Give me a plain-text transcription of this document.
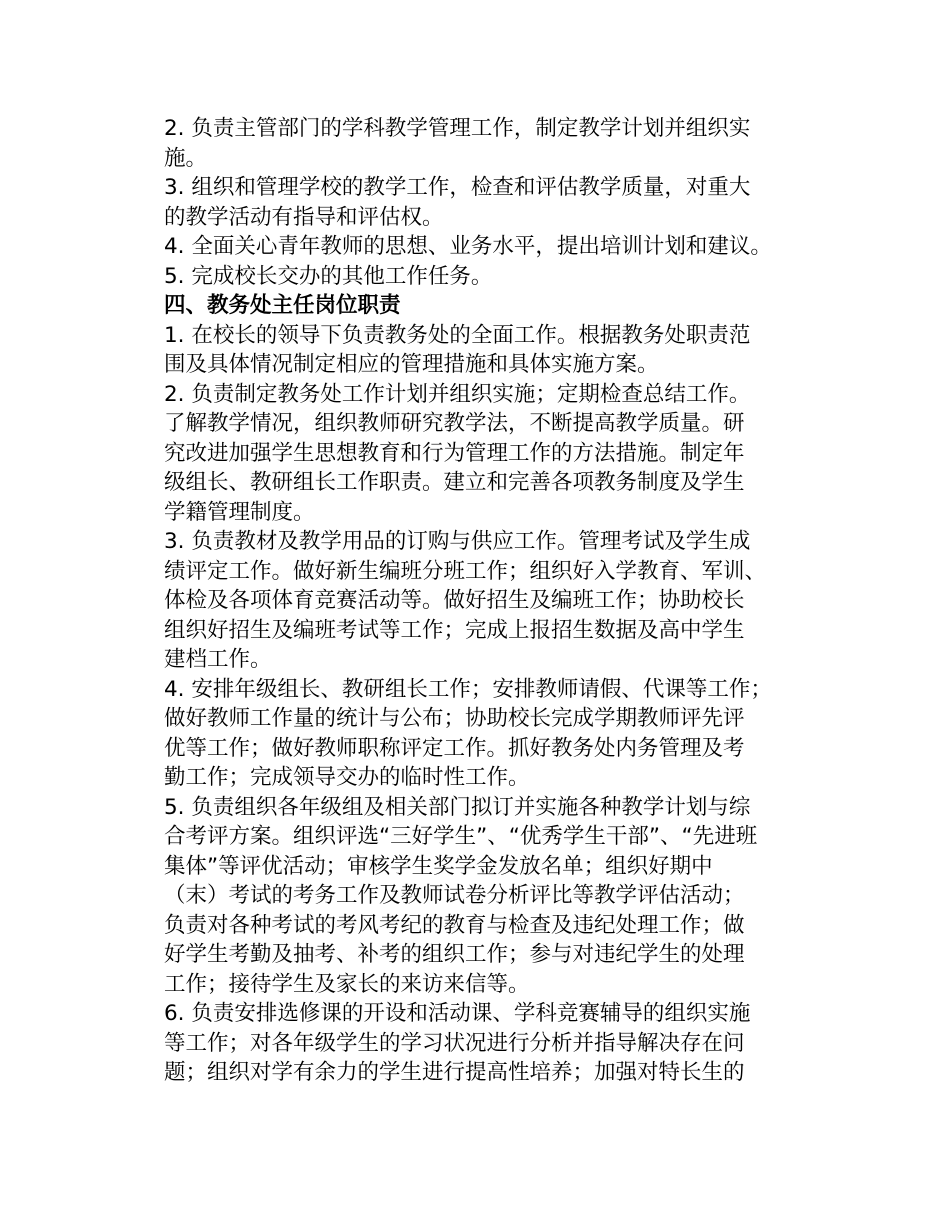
2. 负责主管部门的学科教学管理工作，制定教学计划并组织实
施。
3. 组织和管理学校的教学工作，检查和评估教学质量，对重大
的教学活动有指导和评估权。
4. 全面关心青年教师的思想、业务水平，提出培训计划和建议。
5. 完成校长交办的其他工作任务。
四、教务处主任岗位职责
1. 在校长的领导下负责教务处的全面工作。根据教务处职责范
围及具体情况制定相应的管理措施和具体实施方案。
2. 负责制定教务处工作计划并组织实施；定期检查总结工作。
了解教学情况，组织教师研究教学法，不断提高教学质量。研
究改进加强学生思想教育和行为管理工作的方法措施。制定年
级组长、教研组长工作职责。建立和完善各项教务制度及学生
学籍管理制度。
3. 负责教材及教学用品的订购与供应工作。管理考试及学生成
绩评定工作。做好新生编班分班工作；组织好入学教育、军训、
体检及各项体育竞赛活动等。做好招生及编班工作；协助校长
组织好招生及编班考试等工作；完成上报招生数据及高中学生
建档工作。
4. 安排年级组长、教研组长工作；安排教师请假、代课等工作；
做好教师工作量的统计与公布；协助校长完成学期教师评先评
优等工作；做好教师职称评定工作。抓好教务处内务管理及考
勤工作；完成领导交办的临时性工作。
5. 负责组织各年级组及相关部门拟订并实施各种教学计划与综
合考评方案。组织评选“三好学生”、“优秀学生干部”、“先进班
集体”等评优活动；审核学生奖学金发放名单；组织好期中
（末）考试的考务工作及教师试卷分析评比等教学评估活动；
负责对各种考试的考风考纪的教育与检查及违纪处理工作；做
好学生考勤及抽考、补考的组织工作；参与对违纪学生的处理
工作；接待学生及家长的来访来信等。
6. 负责安排选修课的开设和活动课、学科竞赛辅导的组织实施
等工作；对各年级学生的学习状况进行分析并指导解决存在问
题；组织对学有余力的学生进行提高性培养；加强对特长生的
